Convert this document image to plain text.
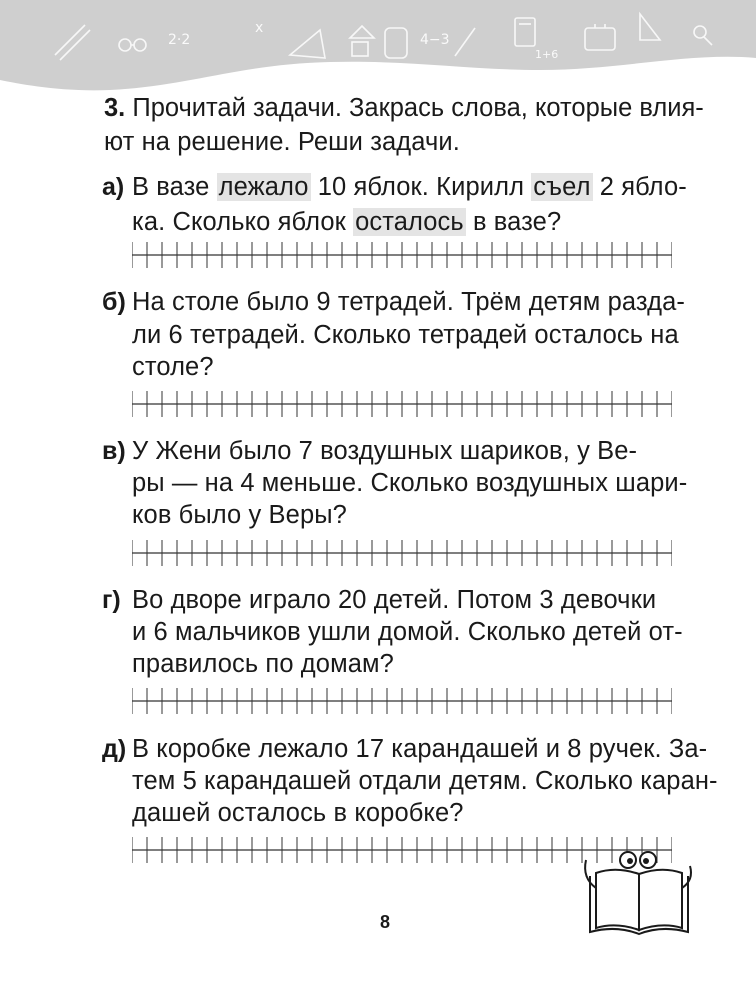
2·2
x
4−3
1+6
3. Прочитай задачи. Закрась слова, которые влия-
ют на решение. Реши задачи.
а) В вазе лежало 10 яблок. Кирилл съел 2 ябло-
ка. Сколько яблок осталось в вазе?
б) На столе было 9 тетрадей. Трём детям разда-
ли 6 тетрадей. Сколько тетрадей осталось на
столе?
в) У Жени было 7 воздушных шариков, у Ве-
ры — на 4 меньше. Сколько воздушных шари-
ков было у Веры?
г) Во дворе играло 20 детей. Потом 3 девочки
и 6 мальчиков ушли домой. Сколько детей от-
правилось по домам?
д) В коробке лежало 17 карандашей и 8 ручек. За-
тем 5 карандашей отдали детям. Сколько каран-
дашей осталось в коробке?
8
